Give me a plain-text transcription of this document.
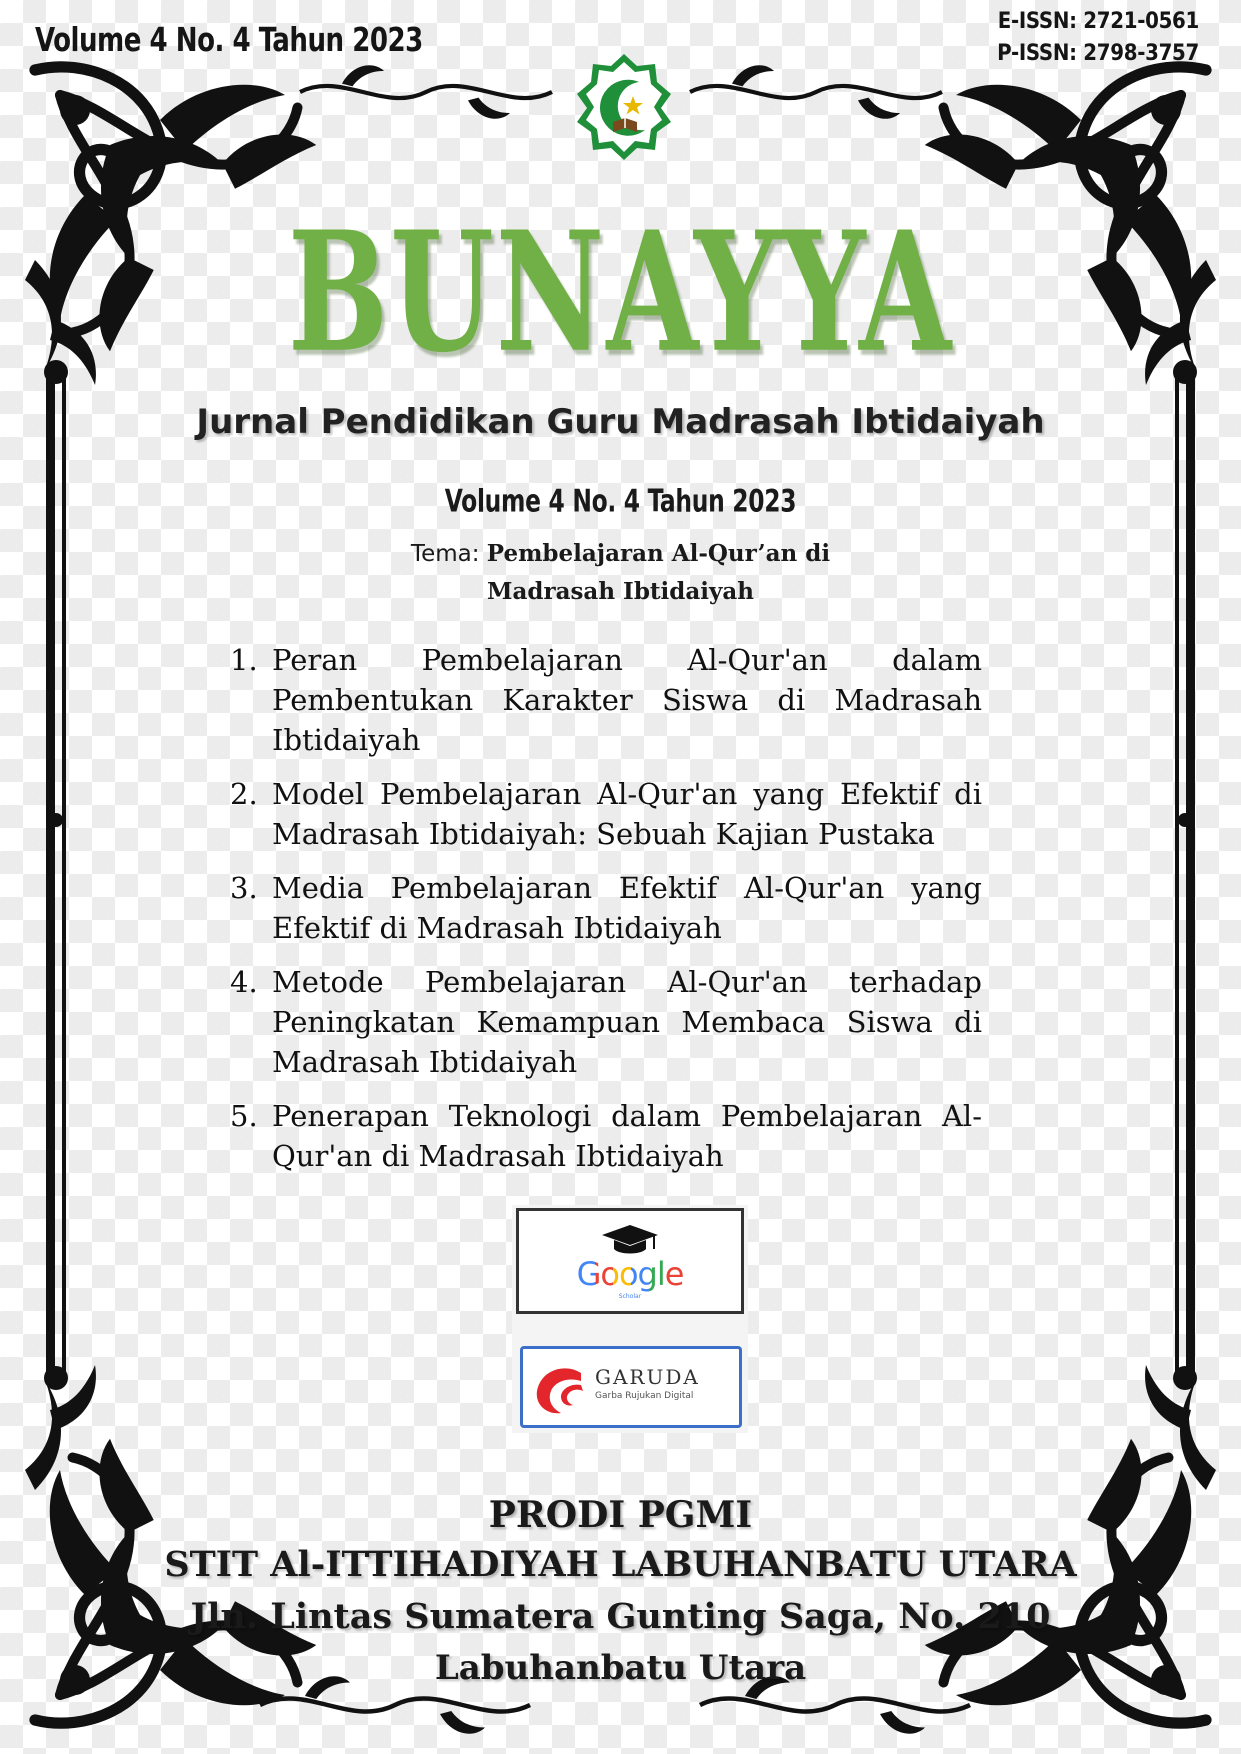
Volume 4 No. 4 Tahun 2023	E-ISSN: 2721-0561
P-ISSN: 2798-3757
BUNAYYA
Jurnal Pendidikan Guru Madrasah Ibtidaiyah
Volume 4 No. 4 Tahun 2023
Tema: Pembelajaran Al-Qur’an di
Madrasah Ibtidaiyah
1. Peran Pembelajaran Al-Qur'an dalam Pembentukan Karakter Siswa di Madrasah Ibtidaiyah
2. Model Pembelajaran Al-Qur'an yang Efektif di Madrasah Ibtidaiyah: Sebuah Kajian Pustaka
3. Media Pembelajaran Efektif Al-Qur'an yang Efektif di Madrasah Ibtidaiyah
4. Metode Pembelajaran Al-Qur'an terhadap Peningkatan Kemampuan Membaca Siswa di Madrasah Ibtidaiyah
5. Penerapan Teknologi dalam Pembelajaran Al-Qur'an di Madrasah Ibtidaiyah
Google
Scholar
GARUDA
Garba Rujukan Digital
PRODI PGMI
STIT Al-ITTIHADIYAH LABUHANBATU UTARA
Jln. Lintas Sumatera Gunting Saga, No. 210
Labuhanbatu Utara
